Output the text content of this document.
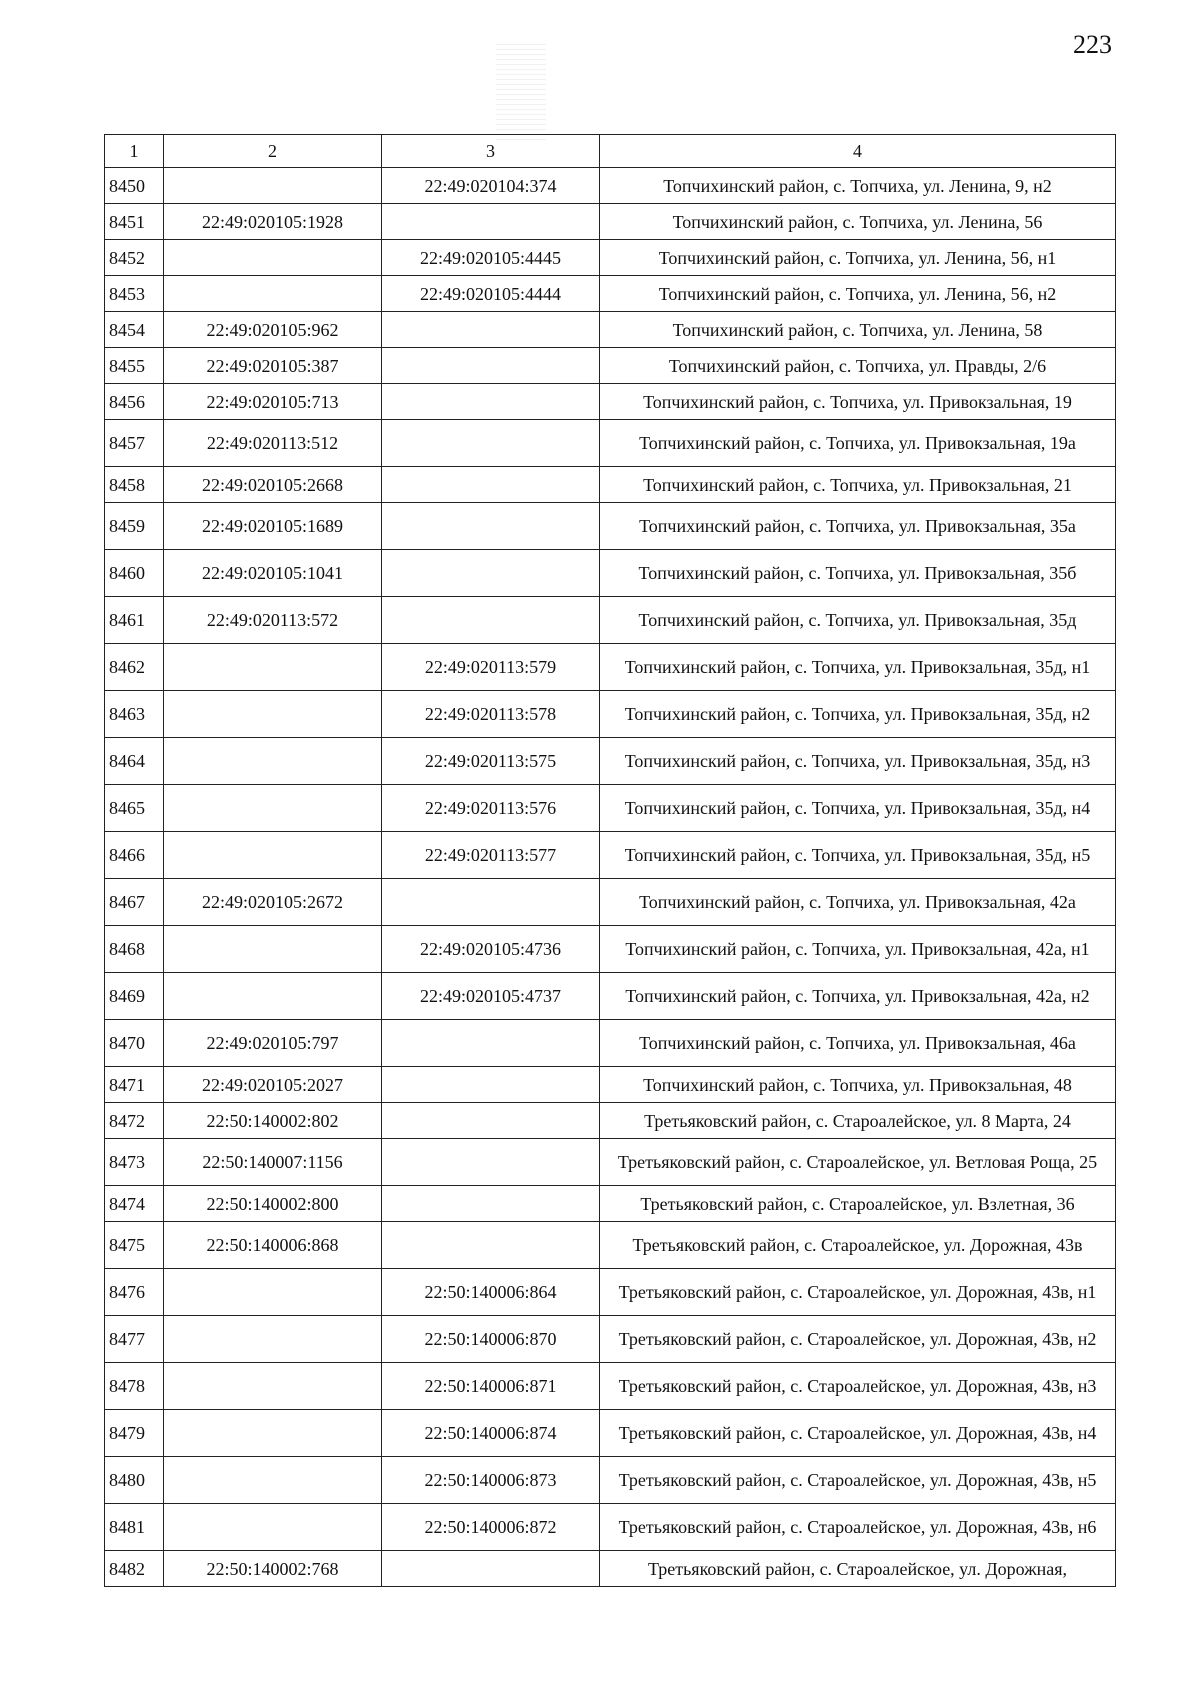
223
1	2	3	4
8450		22:49:020104:374	Топчихинский район, с. Топчиха, ул. Ленина, 9, н2
8451	22:49:020105:1928		Топчихинский район, с. Топчиха, ул. Ленина, 56
8452		22:49:020105:4445	Топчихинский район, с. Топчиха, ул. Ленина, 56, н1
8453		22:49:020105:4444	Топчихинский район, с. Топчиха, ул. Ленина, 56, н2
8454	22:49:020105:962		Топчихинский район, с. Топчиха, ул. Ленина, 58
8455	22:49:020105:387		Топчихинский район, с. Топчиха, ул. Правды, 2/6
8456	22:49:020105:713		Топчихинский район, с. Топчиха, ул. Привокзальная, 19
8457	22:49:020113:512		Топчихинский район, с. Топчиха, ул. Привокзальная, 19а
8458	22:49:020105:2668		Топчихинский район, с. Топчиха, ул. Привокзальная, 21
8459	22:49:020105:1689		Топчихинский район, с. Топчиха, ул. Привокзальная, 35а
8460	22:49:020105:1041		Топчихинский район, с. Топчиха, ул. Привокзальная, 35б
8461	22:49:020113:572		Топчихинский район, с. Топчиха, ул. Привокзальная, 35д
8462		22:49:020113:579	Топчихинский район, с. Топчиха, ул. Привокзальная, 35д, н1
8463		22:49:020113:578	Топчихинский район, с. Топчиха, ул. Привокзальная, 35д, н2
8464		22:49:020113:575	Топчихинский район, с. Топчиха, ул. Привокзальная, 35д, н3
8465		22:49:020113:576	Топчихинский район, с. Топчиха, ул. Привокзальная, 35д, н4
8466		22:49:020113:577	Топчихинский район, с. Топчиха, ул. Привокзальная, 35д, н5
8467	22:49:020105:2672		Топчихинский район, с. Топчиха, ул. Привокзальная, 42а
8468		22:49:020105:4736	Топчихинский район, с. Топчиха, ул. Привокзальная, 42а, н1
8469		22:49:020105:4737	Топчихинский район, с. Топчиха, ул. Привокзальная, 42а, н2
8470	22:49:020105:797		Топчихинский район, с. Топчиха, ул. Привокзальная, 46а
8471	22:49:020105:2027		Топчихинский район, с. Топчиха, ул. Привокзальная, 48
8472	22:50:140002:802		Третьяковский район, с. Староалейское, ул. 8 Марта, 24
8473	22:50:140007:1156		Третьяковский район, с. Староалейское, ул. Ветловая Роща, 25
8474	22:50:140002:800		Третьяковский район, с. Староалейское, ул. Взлетная, 36
8475	22:50:140006:868		Третьяковский район, с. Староалейское, ул. Дорожная, 43в
8476		22:50:140006:864	Третьяковский район, с. Староалейское, ул. Дорожная, 43в, н1
8477		22:50:140006:870	Третьяковский район, с. Староалейское, ул. Дорожная, 43в, н2
8478		22:50:140006:871	Третьяковский район, с. Староалейское, ул. Дорожная, 43в, н3
8479		22:50:140006:874	Третьяковский район, с. Староалейское, ул. Дорожная, 43в, н4
8480		22:50:140006:873	Третьяковский район, с. Староалейское, ул. Дорожная, 43в, н5
8481		22:50:140006:872	Третьяковский район, с. Староалейское, ул. Дорожная, 43в, н6
8482	22:50:140002:768		Третьяковский район, с. Староалейское, ул. Дорожная,
